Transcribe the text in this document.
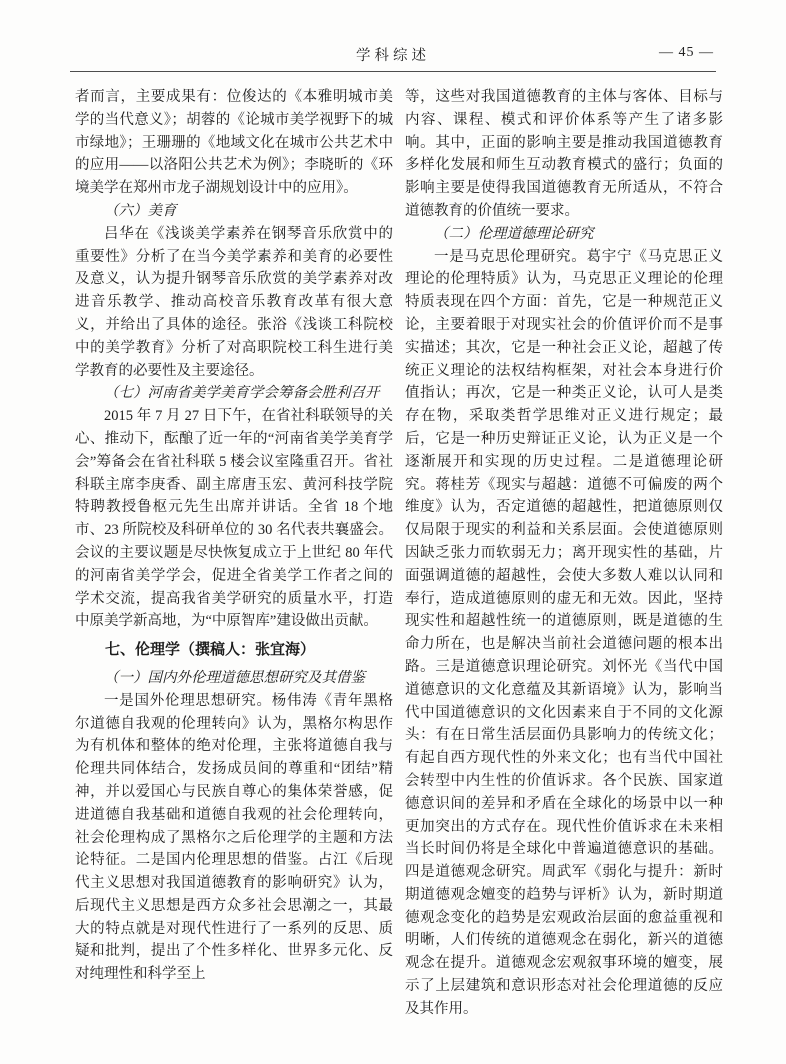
学科综述	— 45 —
者而言，主要成果有：位俊达的《本雅明城市美学的当代意义》；胡蓉的《论城市美学视野下的城市绿地》；王珊珊的《地域文化在城市公共艺术中的应用——以洛阳公共艺术为例》；李晓昕的《环境美学在郑州市龙子湖规划设计中的应用》。
（六）美育
吕华在《浅谈美学素养在钢琴音乐欣赏中的重要性》分析了在当今美学素养和美育的必要性及意义，认为提升钢琴音乐欣赏的美学素养对改进音乐教学、推动高校音乐教育改革有很大意义，并给出了具体的途径。张浴《浅谈工科院校中的美学教育》分析了对高职院校工科生进行美学教育的必要性及主要途径。
（七）河南省美学美育学会筹备会胜利召开
2015 年 7 月 27 日下午，在省社科联领导的关心、推动下，酝酿了近一年的“河南省美学美育学会”筹备会在省社科联 5 楼会议室隆重召开。省社科联主席李庚香、副主席唐玉宏、黄河科技学院特聘教授鲁枢元先生出席并讲话。全省 18 个地市、23 所院校及科研单位的 30 名代表共襄盛会。会议的主要议题是尽快恢复成立于上世纪 80 年代的河南省美学学会，促进全省美学工作者之间的学术交流，提高我省美学研究的质量水平，打造中原美学新高地，为“中原智库”建设做出贡献。
七、伦理学（撰稿人：张宜海）
（一）国内外伦理道德思想研究及其借鉴
一是国外伦理思想研究。杨伟涛《青年黑格尔道德自我观的伦理转向》认为，黑格尔构思作为有机体和整体的绝对伦理，主张将道德自我与伦理共同体结合，发扬成员间的尊重和“团结”精神，并以爱国心与民族自尊心的集体荣誉感，促进道德自我基础和道德自我观的社会伦理转向，社会伦理构成了黑格尔之后伦理学的主题和方法论特征。二是国内伦理思想的借鉴。占江《后现代主义思想对我国道德教育的影响研究》认为，后现代主义思想是西方众多社会思潮之一，其最大的特点就是对现代性进行了一系列的反思、质疑和批判，提出了个性多样化、世界多元化、反对纯理性和科学至上
等，这些对我国道德教育的主体与客体、目标与内容、课程、模式和评价体系等产生了诸多影响。其中，正面的影响主要是推动我国道德教育多样化发展和师生互动教育模式的盛行；负面的影响主要是使得我国道德教育无所适从，不符合道德教育的价值统一要求。
（二）伦理道德理论研究
一是马克思伦理研究。葛宇宁《马克思正义理论的伦理特质》认为，马克思正义理论的伦理特质表现在四个方面：首先，它是一种规范正义论，主要着眼于对现实社会的价值评价而不是事实描述；其次，它是一种社会正义论，超越了传统正义理论的法权结构框架，对社会本身进行价值指认；再次，它是一种类正义论，认可人是类存在物，采取类哲学思维对正义进行规定；最后，它是一种历史辩证正义论，认为正义是一个逐渐展开和实现的历史过程。二是道德理论研究。蒋桂芳《现实与超越：道德不可偏废的两个维度》认为，否定道德的超越性，把道德原则仅仅局限于现实的利益和关系层面。会使道德原则因缺乏张力而软弱无力；离开现实性的基础，片面强调道德的超越性，会使大多数人难以认同和奉行，造成道德原则的虚无和无效。因此，坚持现实性和超越性统一的道德原则，既是道德的生命力所在，也是解决当前社会道德问题的根本出路。三是道德意识理论研究。刘怀光《当代中国道德意识的文化意蕴及其新语境》认为，影响当代中国道德意识的文化因素来自于不同的文化源头：有在日常生活层面仍具影响力的传统文化；有起自西方现代性的外来文化；也有当代中国社会转型中内生性的价值诉求。各个民族、国家道德意识间的差异和矛盾在全球化的场景中以一种更加突出的方式存在。现代性价值诉求在未来相当长时间仍将是全球化中普遍道德意识的基础。四是道德观念研究。周武军《弱化与提升：新时期道德观念嬗变的趋势与评析》认为，新时期道德观念变化的趋势是宏观政治层面的愈益重视和明晰，人们传统的道德观念在弱化，新兴的道德观念在提升。道德观念宏观叙事环境的嬗变，展示了上层建筑和意识形态对社会伦理道德的反应及其作用。
